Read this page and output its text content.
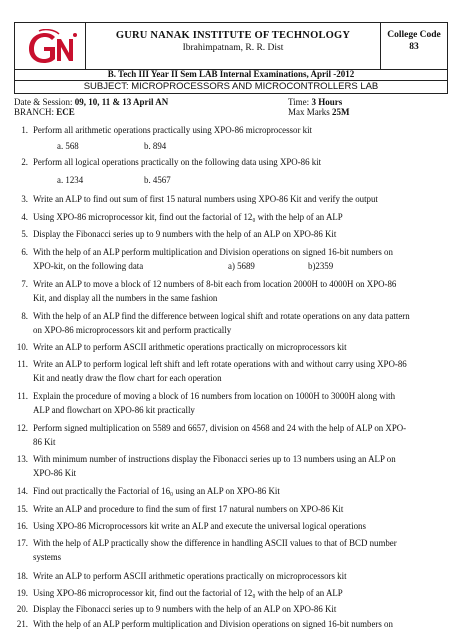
GURU NANAK INSTITUTE OF TECHNOLOGY
Ibrahimpatnam, R. R. Dist
College Code
83
B. Tech III Year II Sem LAB Internal Examinations, April -2012
SUBJECT: MICROPROCESSORS AND MICROCONTROLLERS LAB
Date & Session: 09, 10, 11 & 13 April AN	Time: 3 Hours
BRANCH: ECE	Max Marks 25M
1. Perform all arithmetic operations practically using XPO-86 microprocessor kit
a. 568	b. 894
2. Perform all logical operations practically on the following data using XPO-86 kit
a. 1234	b. 4567
3. Write an ALP to find out sum of first 15 natural numbers using XPO-86 Kit and verify the output
4. Using XPO-86 microprocessor kit, find out the factorial of 12₀ with the help of an ALP
5. Display the Fibonacci series up to 9 numbers with the help of an ALP on XPO-86 Kit
6. With the help of an ALP perform multiplication and Division operations on signed 16-bit numbers on
XPO-kit, on the following data	a) 5689	b)2359
7. Write an ALP to move a block of 12 numbers of 8-bit each from location 2000H to 4000H on XPO-86
Kit, and display all the numbers in the same fashion
8. With the help of an ALP find the difference between logical shift and rotate operations on any data pattern
on XPO-86 microprocessors kit and perform practically
10. Write an ALP to perform ASCII arithmetic operations practically on microprocessors kit
11. Write an ALP to perform logical left shift and left rotate operations with and without carry using XPO-86
Kit and neatly draw the flow chart for each operation
11. Explain the procedure of moving a block of 16 numbers from location on 1000H to 3000H along with
ALP and flowchart on XPO-86 kit practically
12. Perform signed multiplication on 5589 and 6657, division on 4568 and 24 with the help of ALP on XPO-
86 Kit
13. With minimum number of instructions display the Fibonacci series up to 13 numbers using an ALP on
XPO-86 Kit
14. Find out practically the Factorial of 16₀ using an ALP on XPO-86 Kit
15. Write an ALP and procedure to find the sum of first 17 natural numbers on XPO-86 Kit
16. Using XPO-86 Microprocessors kit write an ALP and execute the universal logical operations
17. With the help of ALP practically show the difference in handling ASCII values to that of BCD number
systems
18. Write an ALP to perform ASCII arithmetic operations practically on microprocessors kit
19. Using XPO-86 microprocessor kit, find out the factorial of 12₀ with the help of an ALP
20. Display the Fibonacci series up to 9 numbers with the help of an ALP on XPO-86 Kit
21. With the help of an ALP perform multiplication and Division operations on signed 16-bit numbers on
